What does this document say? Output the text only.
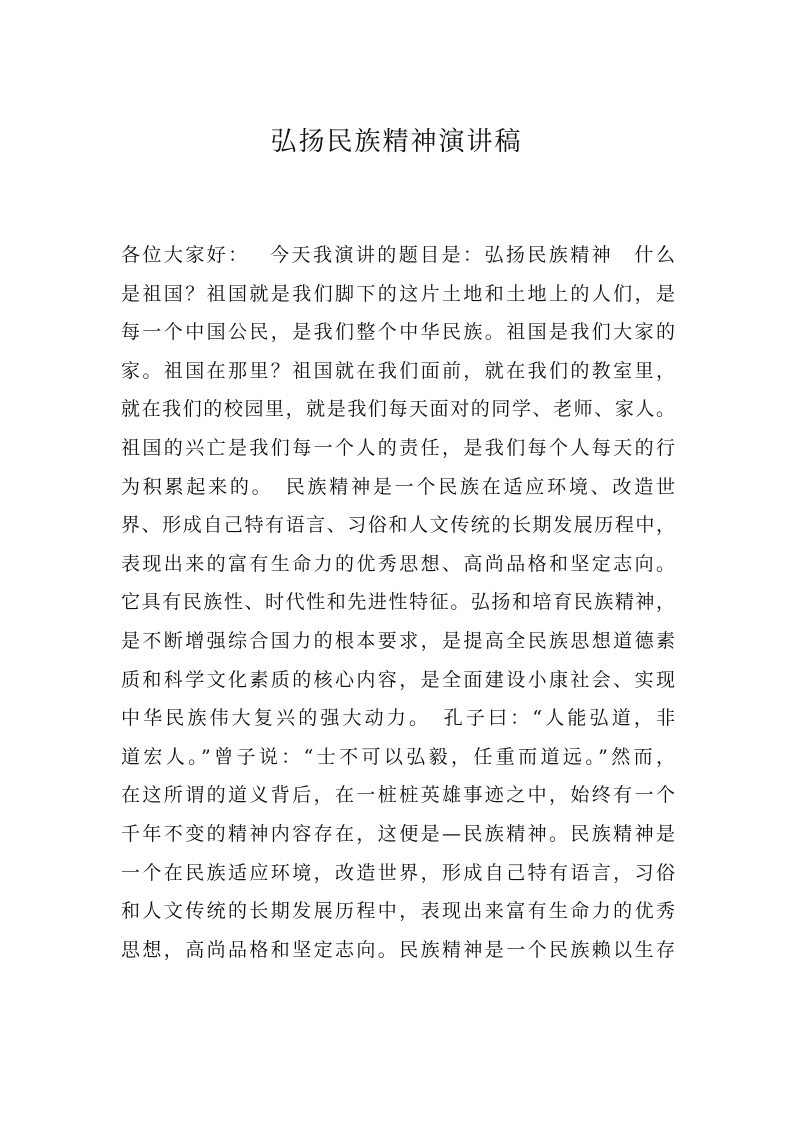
弘扬民族精神演讲稿
各位大家好：　 今天我演讲的题目是：弘扬民族精神　什么
是祖国？祖国就是我们脚下的这片土地和土地上的人们，是
每一个中国公民，是我们整个中华民族。祖国是我们大家的
家。祖国在那里？祖国就在我们面前，就在我们的教室里，
就在我们的校园里，就是我们每天面对的同学、老师、家人。
祖国的兴亡是我们每一个人的责任，是我们每个人每天的行
为积累起来的。　民族精神是一个民族在适应环境、改造世
界、形成自己特有语言、习俗和人文传统的长期发展历程中，
表现出来的富有生命力的优秀思想、高尚品格和坚定志向。
它具有民族性、时代性和先进性特征。弘扬和培育民族精神，
是不断增强综合国力的根本要求，是提高全民族思想道德素
质和科学文化素质的核心内容，是全面建设小康社会、实现
中华民族伟大复兴的强大动力。　孔子曰：“人能弘道，非
道宏人。”曾子说：“士不可以弘毅，任重而道远。”然而，
在这所谓的道义背后，在一桩桩英雄事迹之中，始终有一个
千年不变的精神内容存在，这便是—民族精神。民族精神是
一个在民族适应环境，改造世界，形成自己特有语言，习俗
和人文传统的长期发展历程中，表现出来富有生命力的优秀
思想，高尚品格和坚定志向。民族精神是一个民族赖以生存
